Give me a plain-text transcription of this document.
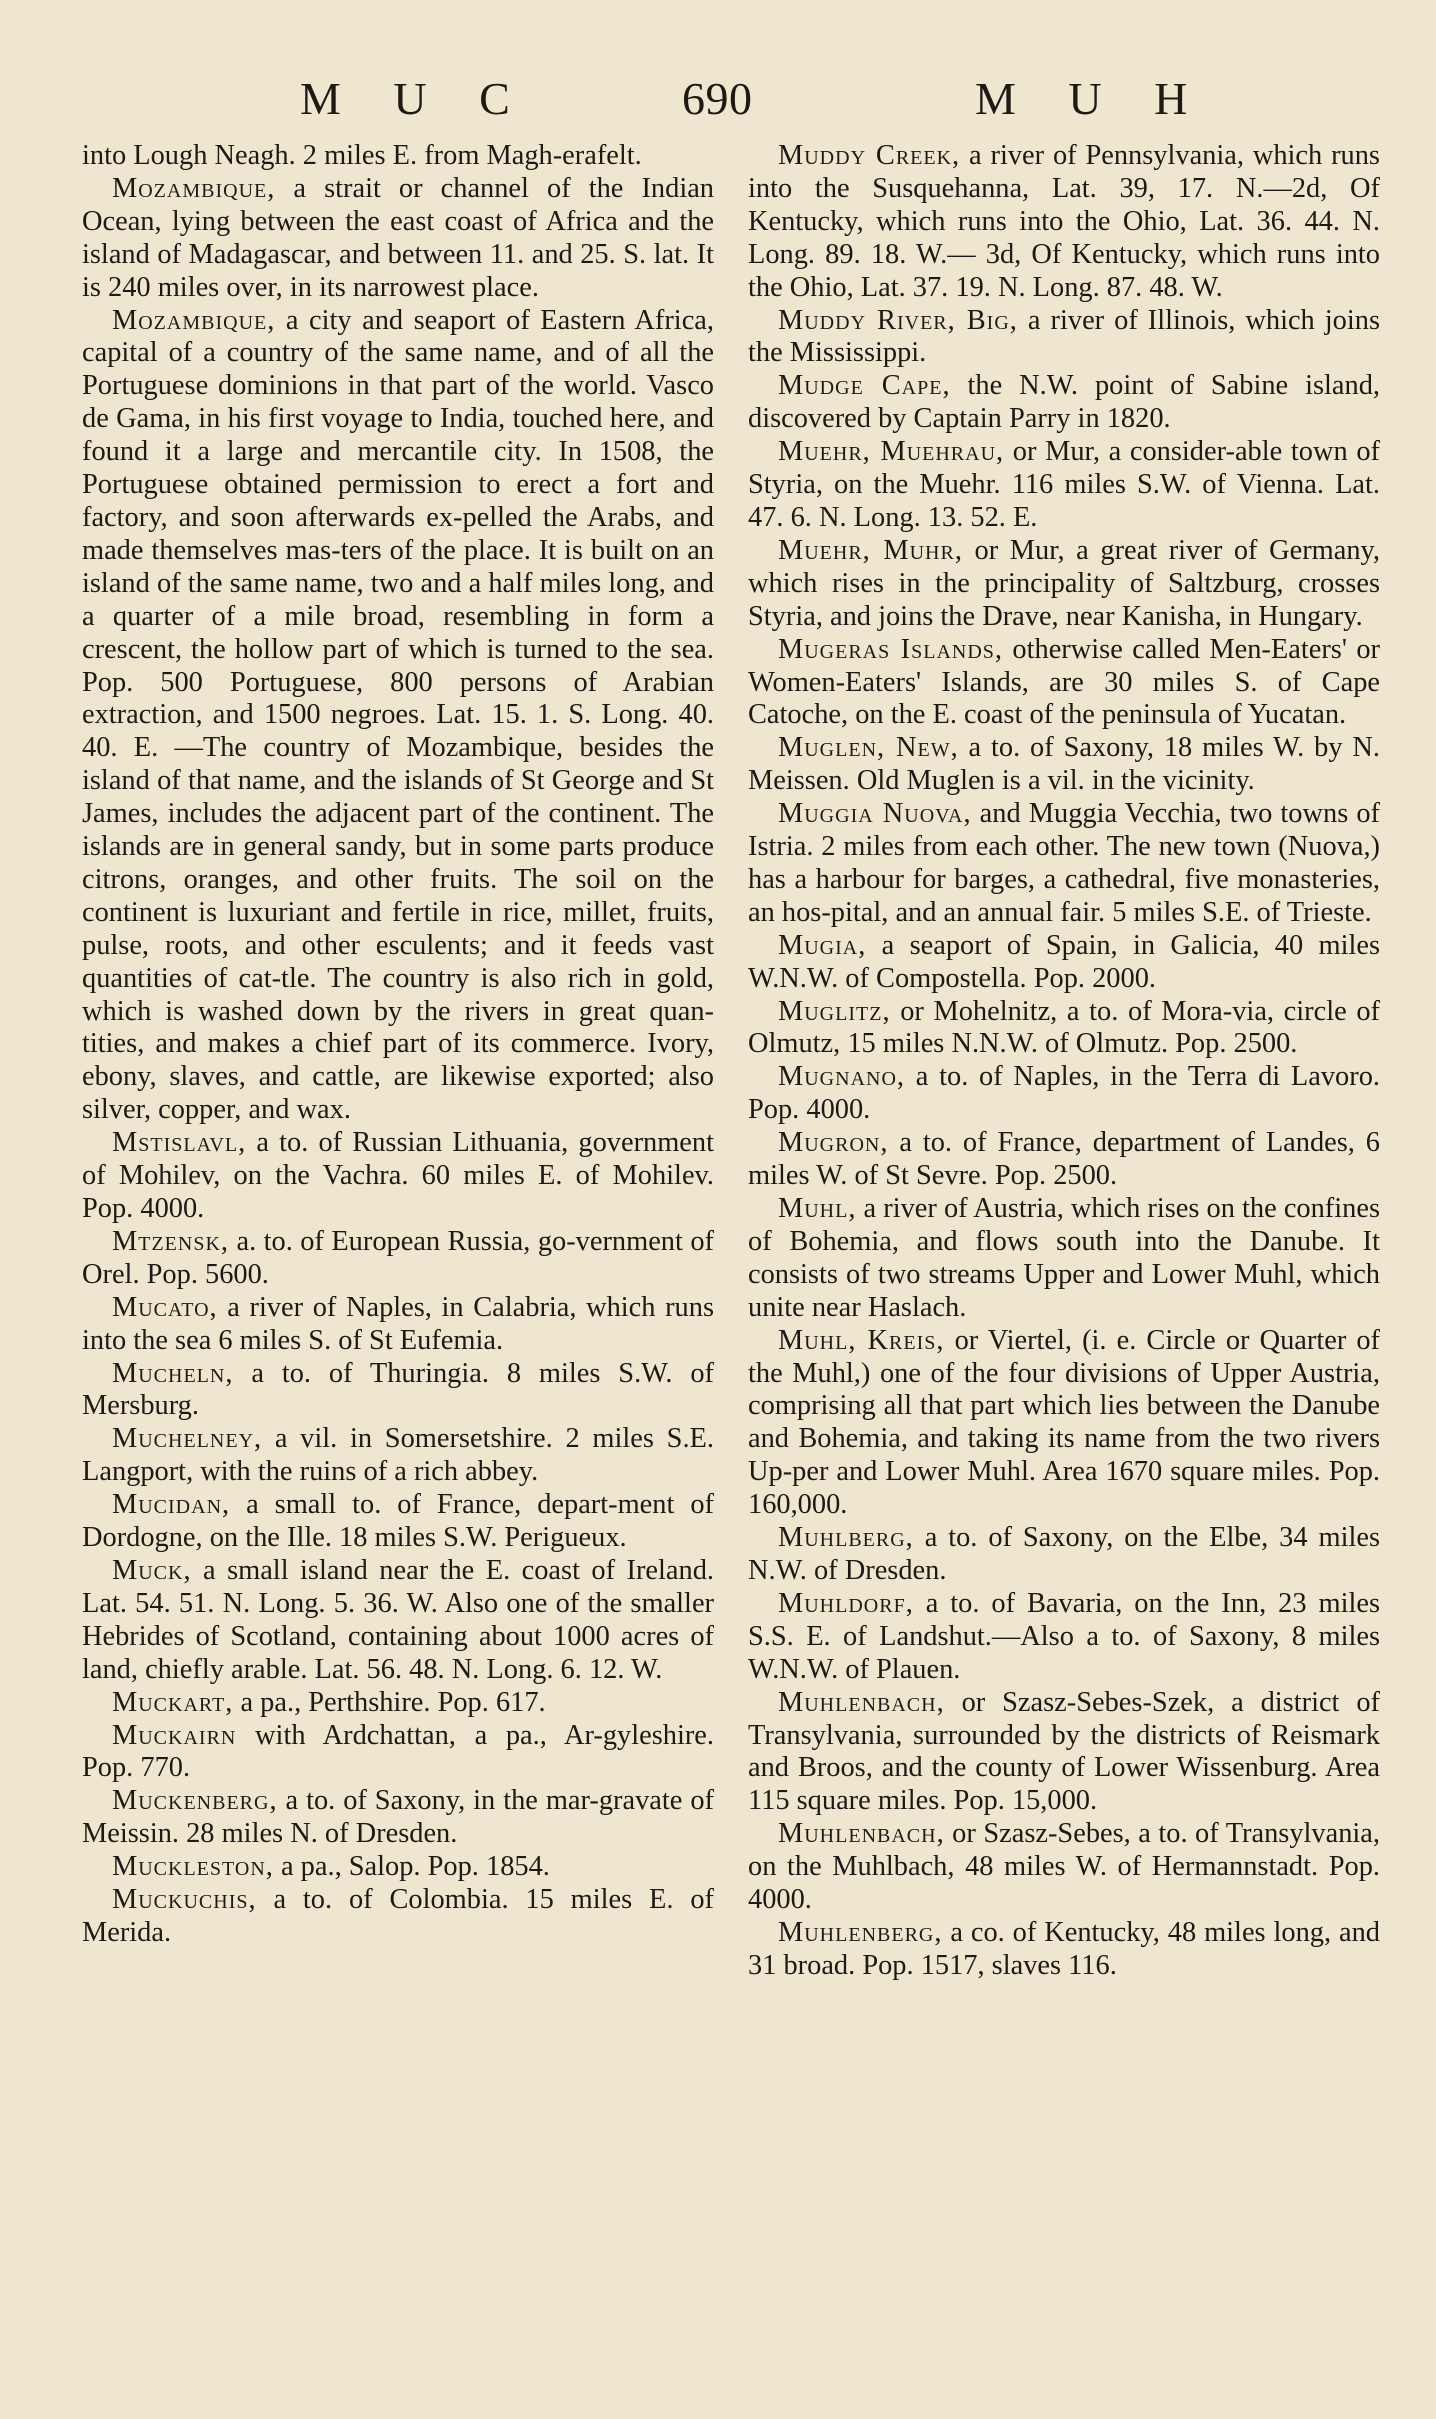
M U C	690	M U H

into Lough Neagh. 2 miles E. from Magh-erafelt.

Mozambique, a strait or channel of the Indian Ocean, lying between the east coast of Africa and the island of Madagascar, and between 11. and 25. S. lat. It is 240 miles over, in its narrowest place.

Mozambique, a city and seaport of Eastern Africa, capital of a country of the same name, and of all the Portuguese dominions in that part of the world. Vasco de Gama, in his first voyage to India, touched here, and found it a large and mercantile city. In 1508, the Portuguese obtained permission to erect a fort and factory, and soon afterwards ex-pelled the Arabs, and made themselves mas-ters of the place. It is built on an island of the same name, two and a half miles long, and a quarter of a mile broad, resembling in form a crescent, the hollow part of which is turned to the sea. Pop. 500 Portuguese, 800 persons of Arabian extraction, and 1500 negroes. Lat. 15. 1. S. Long. 40. 40. E. —The country of Mozambique, besides the island of that name, and the islands of St George and St James, includes the adjacent part of the continent. The islands are in general sandy, but in some parts produce citrons, oranges, and other fruits. The soil on the continent is luxuriant and fertile in rice, millet, fruits, pulse, roots, and other esculents; and it feeds vast quantities of cat-tle. The country is also rich in gold, which is washed down by the rivers in great quan-tities, and makes a chief part of its commerce. Ivory, ebony, slaves, and cattle, are likewise exported; also silver, copper, and wax.

Mstislavl, a to. of Russian Lithuania, government of Mohilev, on the Vachra. 60 miles E. of Mohilev. Pop. 4000.

Mtzensk, a. to. of European Russia, go-vernment of Orel. Pop. 5600.

Mucato, a river of Naples, in Calabria, which runs into the sea 6 miles S. of St Eufemia.

Mucheln, a to. of Thuringia. 8 miles S.W. of Mersburg.

Muchelney, a vil. in Somersetshire. 2 miles S.E. Langport, with the ruins of a rich abbey.

Mucidan, a small to. of France, depart-ment of Dordogne, on the Ille. 18 miles S.W. Perigueux.

Muck, a small island near the E. coast of Ireland. Lat. 54. 51. N. Long. 5. 36. W. Also one of the smaller Hebrides of Scotland, containing about 1000 acres of land, chiefly arable. Lat. 56. 48. N. Long. 6. 12. W.

Muckart, a pa., Perthshire. Pop. 617.

Muckairn with Ardchattan, a pa., Ar-gyleshire. Pop. 770.

Muckenberg, a to. of Saxony, in the mar-gravate of Meissin. 28 miles N. of Dresden.

Muckleston, a pa., Salop. Pop. 1854.

Muckuchis, a to. of Colombia. 15 miles E. of Merida.

Muddy Creek, a river of Pennsylvania, which runs into the Susquehanna, Lat. 39, 17. N.—2d, Of Kentucky, which runs into the Ohio, Lat. 36. 44. N. Long. 89. 18. W.— 3d, Of Kentucky, which runs into the Ohio, Lat. 37. 19. N. Long. 87. 48. W.

Muddy River, Big, a river of Illinois, which joins the Mississippi.

Mudge Cape, the N.W. point of Sabine island, discovered by Captain Parry in 1820.

Muehr, Muehrau, or Mur, a consider-able town of Styria, on the Muehr. 116 miles S.W. of Vienna. Lat. 47. 6. N. Long. 13. 52. E.

Muehr, Muhr, or Mur, a great river of Germany, which rises in the principality of Saltzburg, crosses Styria, and joins the Drave, near Kanisha, in Hungary.

Mugeras Islands, otherwise called Men-Eaters' or Women-Eaters' Islands, are 30 miles S. of Cape Catoche, on the E. coast of the peninsula of Yucatan.

Muglen, New, a to. of Saxony, 18 miles W. by N. Meissen. Old Muglen is a vil. in the vicinity.

Muggia Nuova, and Muggia Vecchia, two towns of Istria. 2 miles from each other. The new town (Nuova,) has a harbour for barges, a cathedral, five monasteries, an hos-pital, and an annual fair. 5 miles S.E. of Trieste.

Mugia, a seaport of Spain, in Galicia, 40 miles W.N.W. of Compostella. Pop. 2000.

Muglitz, or Mohelnitz, a to. of Mora-via, circle of Olmutz, 15 miles N.N.W. of Olmutz. Pop. 2500.

Mugnano, a to. of Naples, in the Terra di Lavoro. Pop. 4000.

Mugron, a to. of France, department of Landes, 6 miles W. of St Sevre. Pop. 2500.

Muhl, a river of Austria, which rises on the confines of Bohemia, and flows south into the Danube. It consists of two streams Upper and Lower Muhl, which unite near Haslach.

Muhl, Kreis, or Viertel, (i. e. Circle or Quarter of the Muhl,) one of the four divisions of Upper Austria, comprising all that part which lies between the Danube and Bohemia, and taking its name from the two rivers Up-per and Lower Muhl. Area 1670 square miles. Pop. 160,000.

Muhlberg, a to. of Saxony, on the Elbe, 34 miles N.W. of Dresden.

Muhldorf, a to. of Bavaria, on the Inn, 23 miles S.S. E. of Landshut.—Also a to. of Saxony, 8 miles W.N.W. of Plauen.

Muhlenbach, or Szasz-Sebes-Szek, a district of Transylvania, surrounded by the districts of Reismark and Broos, and the county of Lower Wissenburg. Area 115 square miles. Pop. 15,000.

Muhlenbach, or Szasz-Sebes, a to. of Transylvania, on the Muhlbach, 48 miles W. of Hermannstadt. Pop. 4000.

Muhlenberg, a co. of Kentucky, 48 miles long, and 31 broad. Pop. 1517, slaves 116.
